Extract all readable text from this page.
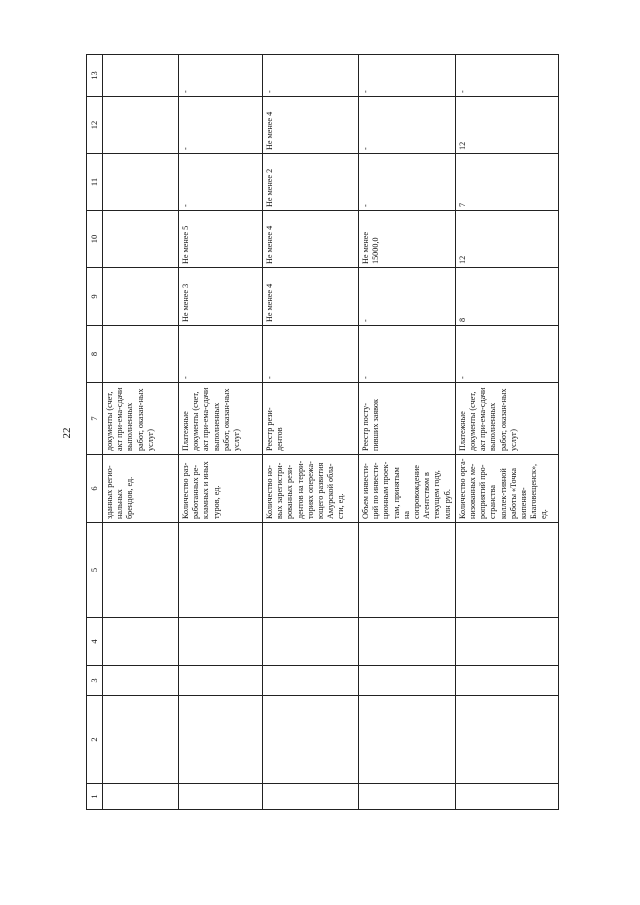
22
1	2	3	4	5	6	7	8	9	10	11	12	13
					зданных регио-нальных брендов, ед.	документы (счет, акт при-ема-сдачи выполненных работ, оказан-ных услуг)						
					Количество раз-работанных ре-кламных и иных туров, ед.	Платежные документы (счет, акт при-ема-сдачи выполненных работ, оказан-ных услуг)	-	Не менее 3	Не менее 5	-	-	-
					Количество но-вых зарегистри-рованных рези-дентов на терри-ториях опережа-ющего развития Амурской обла-сти, ед.	Реестр рези-дентов	-	Не менее 4	Не менее 4	Не менее 2	Не менее 4	-
					Объем инвести-ций по инвести-ционным проек-там, принятым на сопровождение Агентством в текущем году, млн руб.	Реестр посту-пивших заявок	-	-	Не менее 15000,0	-	-	-
					Количество орга-низованных ме-роприятий про-странства коллек-тивной работы «Точка кипения-Благовещенск», ед.	Платежные документы (счет, акт при-ема-сдачи выполненных работ, оказан-ных услуг)	-	8	12	7	12	-
